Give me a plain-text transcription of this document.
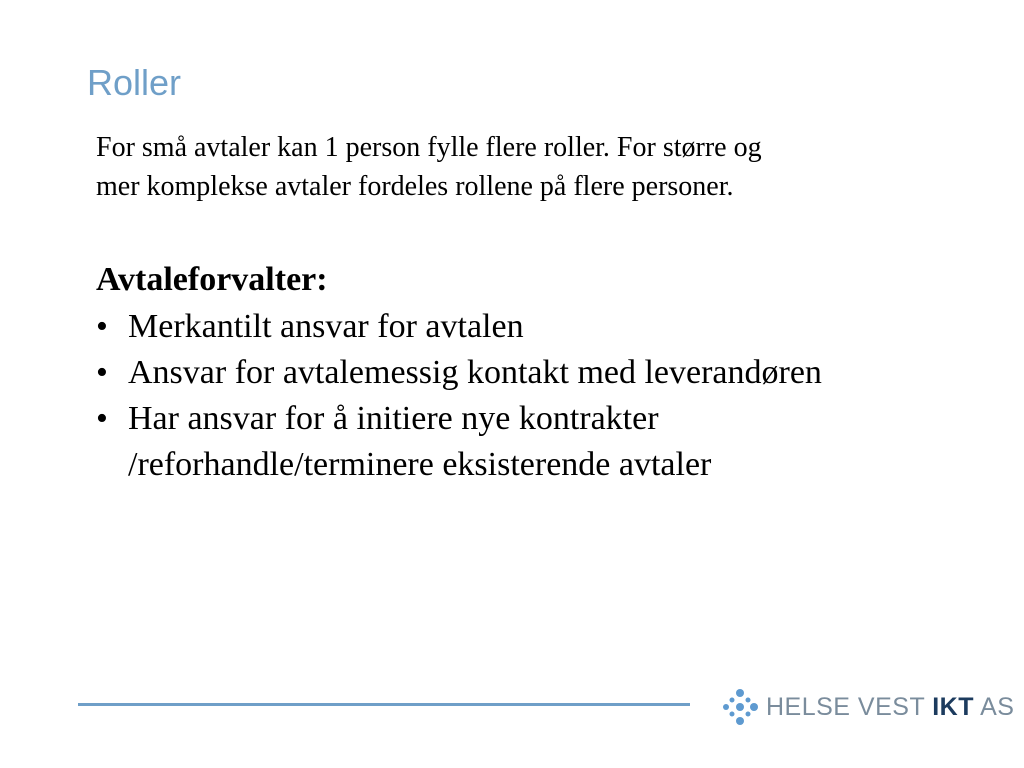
Roller

For små avtaler kan 1 person fylle flere roller. For større og

mer komplekse avtaler fordeles rollene på flere personer.

Avtaleforvalter:
• Merkantilt ansvar for avtalen
• Ansvar for avtalemessig kontakt med leverandøren
• Har ansvar for å initiere nye kontrakter /reforhandle/terminere eksisterende avtaler
HELSE VEST IKT AS
